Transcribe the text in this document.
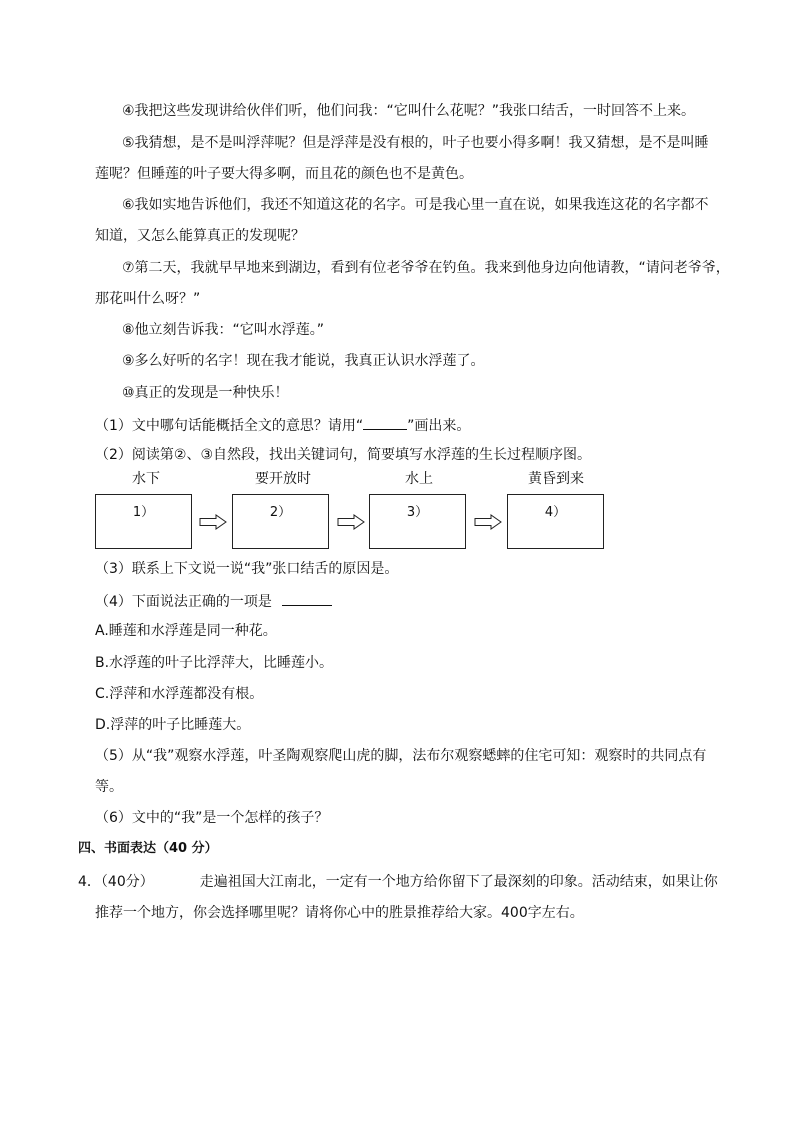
④我把这些发现讲给伙伴们听，他们问我：“它叫什么花呢？”我张口结舌，一时回答不上来。
⑤我猜想，是不是叫浮萍呢？但是浮萍是没有根的，叶子也要小得多啊！我又猜想，是不是叫睡
莲呢？但睡莲的叶子要大得多啊，而且花的颜色也不是黄色。
⑥我如实地告诉他们，我还不知道这花的名字。可是我心里一直在说，如果我连这花的名字都不
知道，又怎么能算真正的发现呢？
⑦第二天，我就早早地来到湖边，看到有位老爷爷在钓鱼。我来到他身边向他请教，“请问老爷爷，
那花叫什么呀？”
⑧他立刻告诉我：“它叫水浮莲。”
⑨多么好听的名字！现在我才能说，我真正认识水浮莲了。
⑩真正的发现是一种快乐！
（1）文中哪句话能概括全文的意思？请用“	”画出来。
（2）阅读第②、③自然段，找出关键词句，简要填写水浮莲的生长过程顺序图。
水下	要开放时	水上	黄昏到来
1）	2）	3）	4）
（3）联系上下文说一说“我”张口结舌的原因是。
（4）下面说法正确的一项是
A.睡莲和水浮莲是同一种花。
B.水浮莲的叶子比浮萍大，比睡莲小。
C.浮萍和水浮莲都没有根。
D.浮萍的叶子比睡莲大。
（5）从“我”观察水浮莲，叶圣陶观察爬山虎的脚，法布尔观察蟋蟀的住宅可知：观察时的共同点有
等。
（6）文中的“我”是一个怎样的孩子？
四、书面表达（40 分）
4．（40分）	走遍祖国大江南北，一定有一个地方给你留下了最深刻的印象。活动结束，如果让你
推荐一个地方，你会选择哪里呢？请将你心中的胜景推荐给大家。400字左右。
